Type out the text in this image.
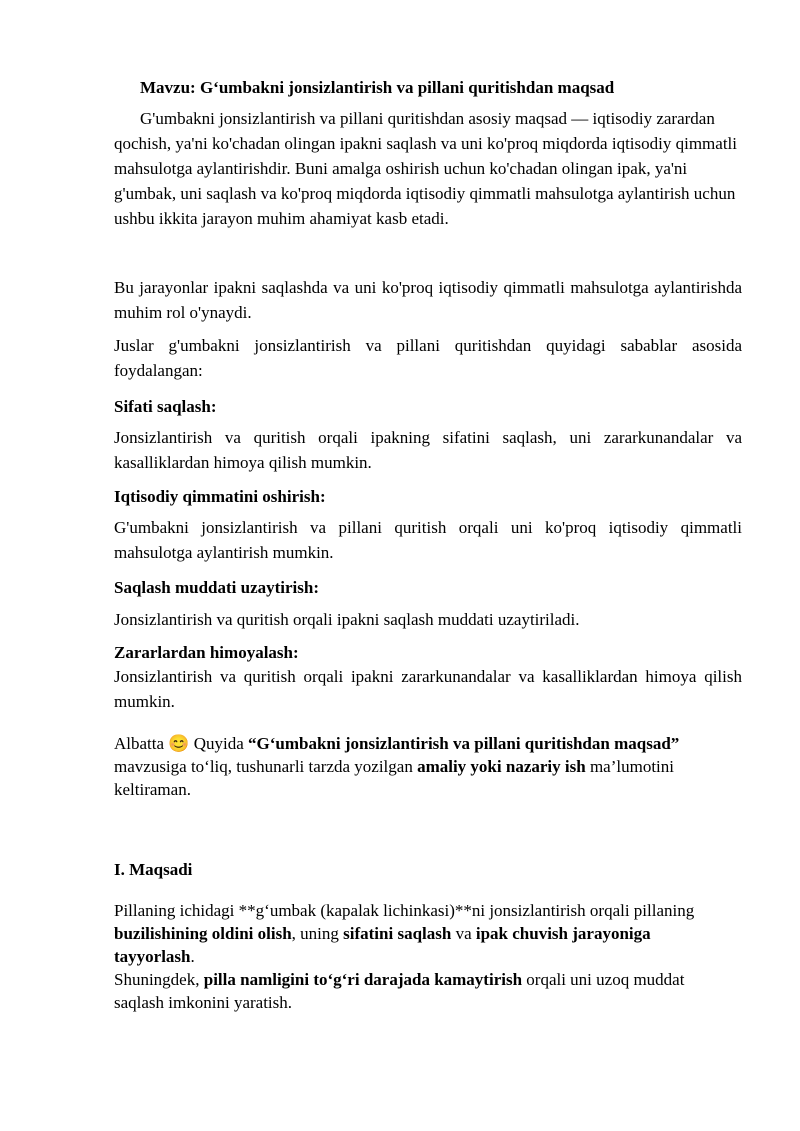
Mavzu: G‘umbakni jonsizlantirish va pillani quritishdan maqsad

G'umbakni jonsizlantirish va pillani quritishdan asosiy maqsad — iqtisodiy zarardan qochish, ya'ni ko'chadan olingan ipakni saqlash va uni ko'proq miqdorda iqtisodiy qimmatli mahsulotga aylantirishdir. Buni amalga oshirish uchun ko'chadan olingan ipak, ya'ni g'umbak, uni saqlash va ko'proq miqdorda iqtisodiy qimmatli mahsulotga aylantirish uchun ushbu ikkita jarayon muhim ahamiyat kasb etadi.

Bu jarayonlar ipakni saqlashda va uni ko'proq iqtisodiy qimmatli mahsulotga aylantirishda muhim rol o'ynaydi.

Juslar g'umbakni jonsizlantirish va pillani quritishdan quyidagi sabablar asosida foydalangan:

Sifati saqlash:

Jonsizlantirish va quritish orqali ipakning sifatini saqlash, uni zararkunandalar va kasalliklardan himoya qilish mumkin.

Iqtisodiy qimmatini oshirish:

G'umbakni jonsizlantirish va pillani quritish orqali uni ko'proq iqtisodiy qimmatli mahsulotga aylantirish mumkin.

Saqlash muddati uzaytirish:

Jonsizlantirish va quritish orqali ipakni saqlash muddati uzaytiriladi.

Zararlardan himoyalash:

Jonsizlantirish va quritish orqali ipakni zararkunandalar va kasalliklardan himoya qilish mumkin.

Albatta 😊 Quyida “G‘umbakni jonsizlantirish va pillani quritishdan maqsad” mavzusiga to‘liq, tushunarli tarzda yozilgan amaliy yoki nazariy ish ma’lumotini keltiraman.

I. Maqsadi

Pillaning ichidagi **g‘umbak (kapalak lichinkasi)**ni jonsizlantirish orqali pillaning buzilishining oldini olish, uning sifatini saqlash va ipak chuvish jarayoniga tayyorlash.
Shuningdek, pilla namligini to‘g‘ri darajada kamaytirish orqali uni uzoq muddat saqlash imkonini yaratish.
